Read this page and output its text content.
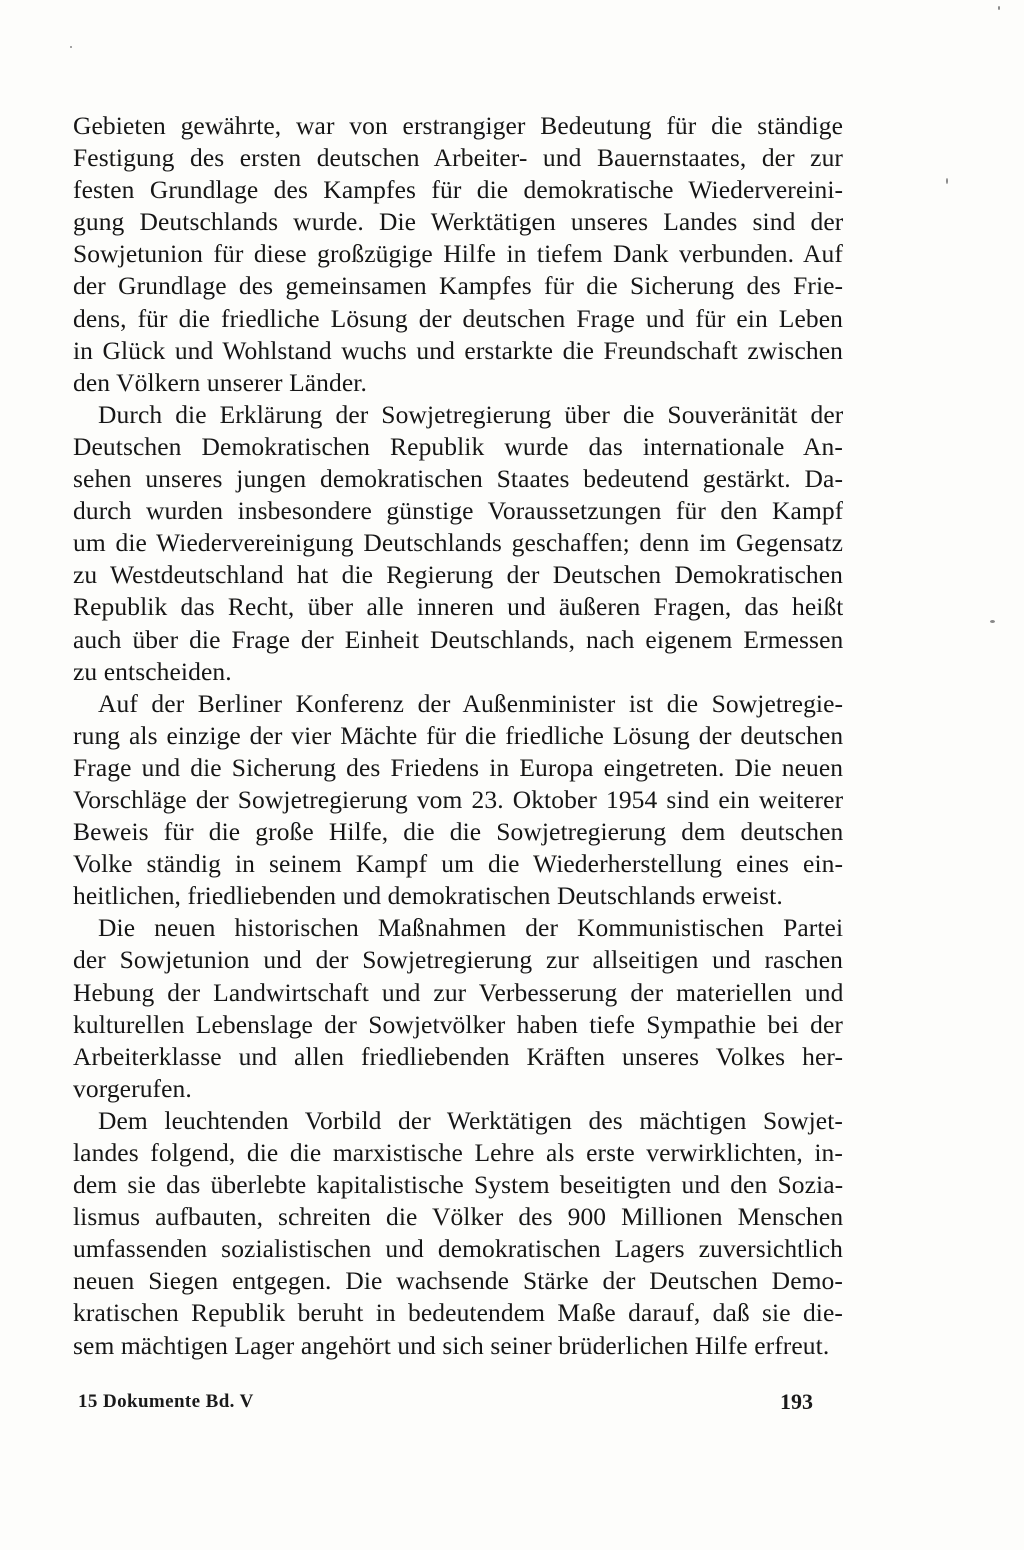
Gebieten gewährte, war von erstrangiger Bedeutung für die ständige
Festigung des ersten deutschen Arbeiter- und Bauernstaates, der zur
festen Grundlage des Kampfes für die demokratische Wiedervereini-
gung Deutschlands wurde. Die Werktätigen unseres Landes sind der
Sowjetunion für diese großzügige Hilfe in tiefem Dank verbunden. Auf
der Grundlage des gemeinsamen Kampfes für die Sicherung des Frie-
dens, für die friedliche Lösung der deutschen Frage und für ein Leben
in Glück und Wohlstand wuchs und erstarkte die Freundschaft zwischen
den Völkern unserer Länder.
Durch die Erklärung der Sowjetregierung über die Souveränität der
Deutschen Demokratischen Republik wurde das internationale An-
sehen unseres jungen demokratischen Staates bedeutend gestärkt. Da-
durch wurden insbesondere günstige Voraussetzungen für den Kampf
um die Wiedervereinigung Deutschlands geschaffen; denn im Gegensatz
zu Westdeutschland hat die Regierung der Deutschen Demokratischen
Republik das Recht, über alle inneren und äußeren Fragen, das heißt
auch über die Frage der Einheit Deutschlands, nach eigenem Ermessen
zu entscheiden.
Auf der Berliner Konferenz der Außenminister ist die Sowjetregie-
rung als einzige der vier Mächte für die friedliche Lösung der deutschen
Frage und die Sicherung des Friedens in Europa eingetreten. Die neuen
Vorschläge der Sowjetregierung vom 23. Oktober 1954 sind ein weiterer
Beweis für die große Hilfe, die die Sowjetregierung dem deutschen
Volke ständig in seinem Kampf um die Wiederherstellung eines ein-
heitlichen, friedliebenden und demokratischen Deutschlands erweist.
Die neuen historischen Maßnahmen der Kommunistischen Partei
der Sowjetunion und der Sowjetregierung zur allseitigen und raschen
Hebung der Landwirtschaft und zur Verbesserung der materiellen und
kulturellen Lebenslage der Sowjetvölker haben tiefe Sympathie bei der
Arbeiterklasse und allen friedliebenden Kräften unseres Volkes her-
vorgerufen.
Dem leuchtenden Vorbild der Werktätigen des mächtigen Sowjet-
landes folgend, die die marxistische Lehre als erste verwirklichten, in-
dem sie das überlebte kapitalistische System beseitigten und den Sozia-
lismus aufbauten, schreiten die Völker des 900 Millionen Menschen
umfassenden sozialistischen und demokratischen Lagers zuversichtlich
neuen Siegen entgegen. Die wachsende Stärke der Deutschen Demo-
kratischen Republik beruht in bedeutendem Maße darauf, daß sie die-
sem mächtigen Lager angehört und sich seiner brüderlichen Hilfe erfreut.
15 Dokumente Bd. V	193
